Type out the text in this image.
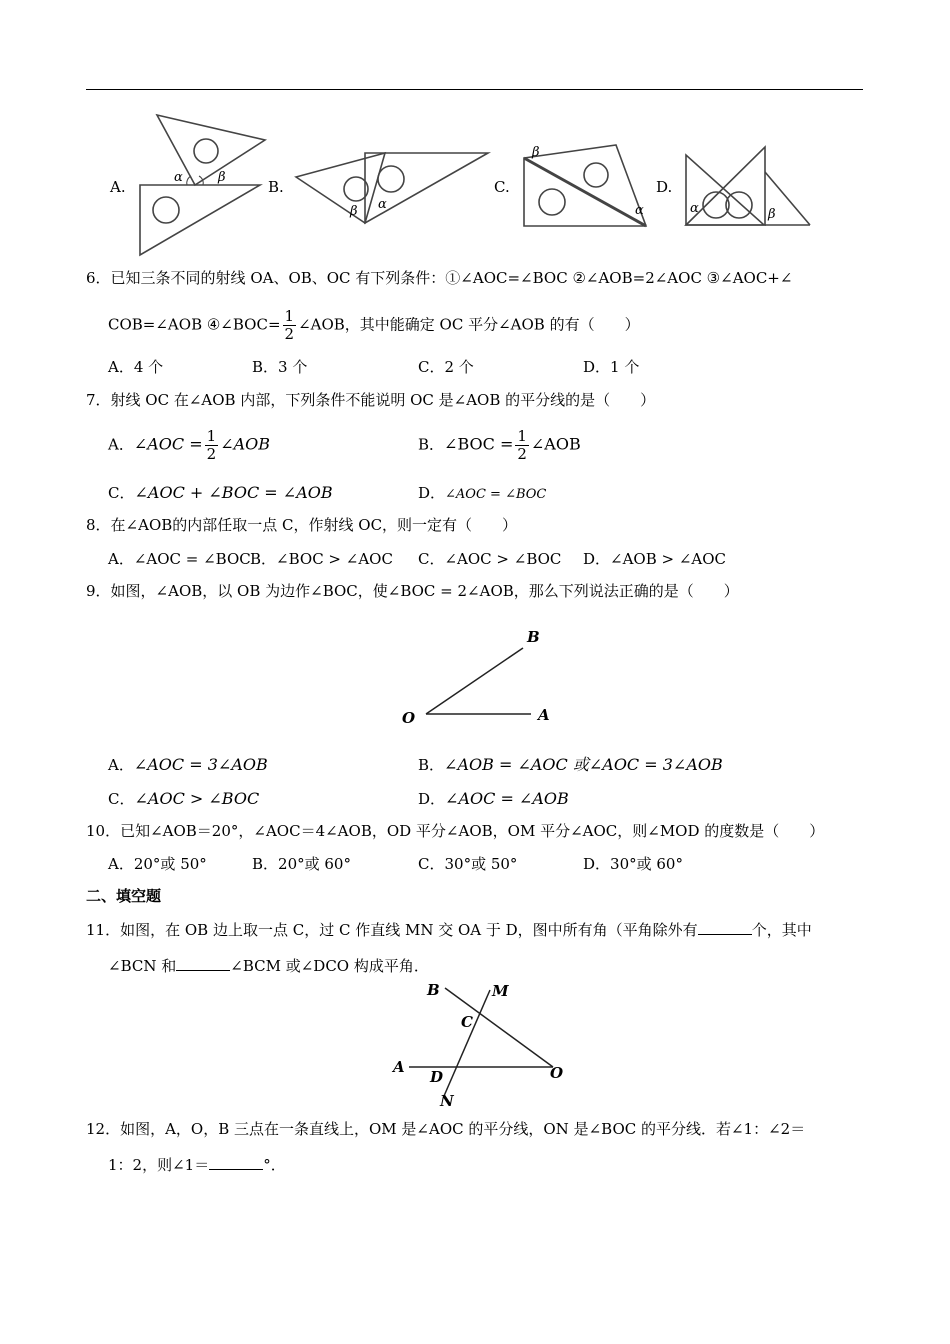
A.
α	β
B.
β α
C.
β
α
D.
α	β
6．已知三条不同的射线 OA、OB、OC 有下列条件：①∠AOC=∠BOC ②∠AOB=2∠AOC ③∠AOC+∠
COB=∠AOB ④∠BOC= $\frac{1}{2}$ ∠AOB，其中能确定 OC 平分∠AOB 的有（　　）
A．4 个	B．3 个	C．2 个	D．1 个
7．射线 OC 在∠AOB 内部，下列条件不能说明 OC 是∠AOB 的平分线的是（　　）
A．∠AOC = $\frac{1}{2}$ ∠AOB	B．∠BOC = $\frac{1}{2}$ ∠AOB
C．∠AOC + ∠BOC = ∠AOB	D．∠AOC = ∠BOC
8．在∠AOB的内部任取一点 C，作射线 OC，则一定有（　　）
A．∠AOC = ∠BOC B．∠BOC > ∠AOC C．∠AOC > ∠BOC D．∠AOB > ∠AOC
9．如图，∠AOB，以 OB 为边作∠BOC，使∠BOC = 2∠AOB，那么下列说法正确的是（　　）
O	A
B
A．∠AOC = 3∠AOB	B．∠AOB = ∠AOC 或∠AOC = 3∠AOB
C．∠AOC > ∠BOC	D．∠AOC = ∠AOB
10．已知∠AOB＝20°，∠AOC＝4∠AOB，OD 平分∠AOB，OM 平分∠AOC，则∠MOD 的度数是（　　）
A．20°或 50°	B．20°或 60°	C．30°或 50°	D．30°或 60°
二、填空题
11．如图，在 OB 边上取一点 C，过 C 作直线 MN 交 OA 于 D，图中所有角（平角除外有	个，其中
∠BCN 和	∠BCM 或∠DCO 构成平角．
B	M
C
A
D	O
N
12．如图，A，O，B 三点在一条直线上，OM 是∠AOC 的平分线，ON 是∠BOC 的平分线．若∠1：∠2＝
1：2，则∠1＝	°．
